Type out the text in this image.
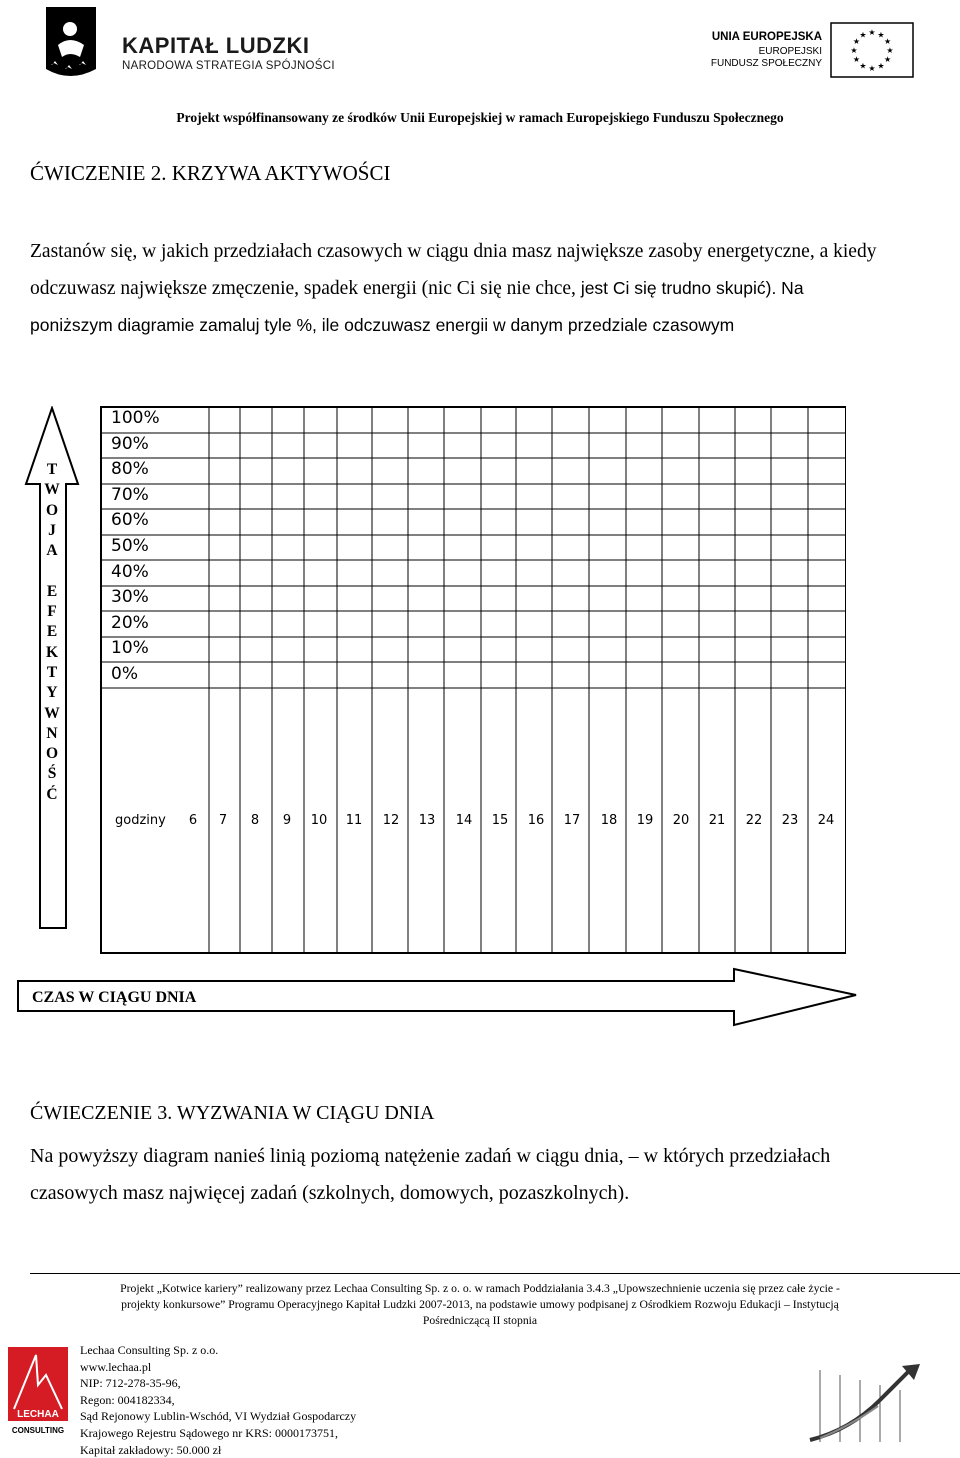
KAPITAŁ LUDZKI
NARODOWA STRATEGIA SPÓJNOŚCI
UNIA EUROPEJSKA
EUROPEJSKI
FUNDUSZ SPOŁECZNY
★
★
★
★
★
★
★
★
★ ★ ★
★
Projekt współfinansowany ze środków Unii Europejskiej w ramach Europejskiego Funduszu Społecznego
ĆWICZENIE 2. KRZYWA AKTYWOŚCI
Zastanów się, w jakich przedziałach czasowych w ciągu dnia masz największe zasoby energetyczne, a kiedy odczuwasz największe zmęczenie, spadek energii (nic Ci się nie chce, jest Ci się trudno skupić). Na poniższym diagramie zamaluj tyle %, ile odczuwasz energii w danym przedziale czasowym
T
W
O
J
A

E
F
E
K
T
Y
W
N
O
Ś
Ć
100%
90%
80%
70%
60%
50%
40%
30%
20%
10%
0%
godziny	6	7	8	9	10	11	12	13	14	15	16	17	18	19	20	21	22	23	24
CZAS W CIĄGU DNIA
ĆWIECZENIE 3. WYZWANIA W CIĄGU DNIA
Na powyższy diagram nanieś linią poziomą natężenie zadań w ciągu dnia, – w których przedziałach czasowych masz najwięcej zadań (szkolnych, domowych, pozaszkolnych).
Projekt „Kotwice kariery” realizowany przez Lechaa Consulting Sp. z o. o. w ramach Poddziałania 3.4.3 „Upowszechnienie uczenia się przez całe życie -
projekty konkursowe” Programu Operacyjnego Kapitał Ludzki 2007-2013, na podstawie umowy podpisanej z Ośrodkiem Rozwoju Edukacji – Instytucją
Pośredniczącą II stopnia
LECHAA
CONSULTING
Lechaa Consulting Sp. z o.o.
www.lechaa.pl
NIP: 712-278-35-96,
Regon: 004182334,
Sąd Rejonowy Lublin-Wschód, VI Wydział Gospodarczy
Krajowego Rejestru Sądowego nr KRS: 0000173751,
Kapitał zakładowy: 50.000 zł
